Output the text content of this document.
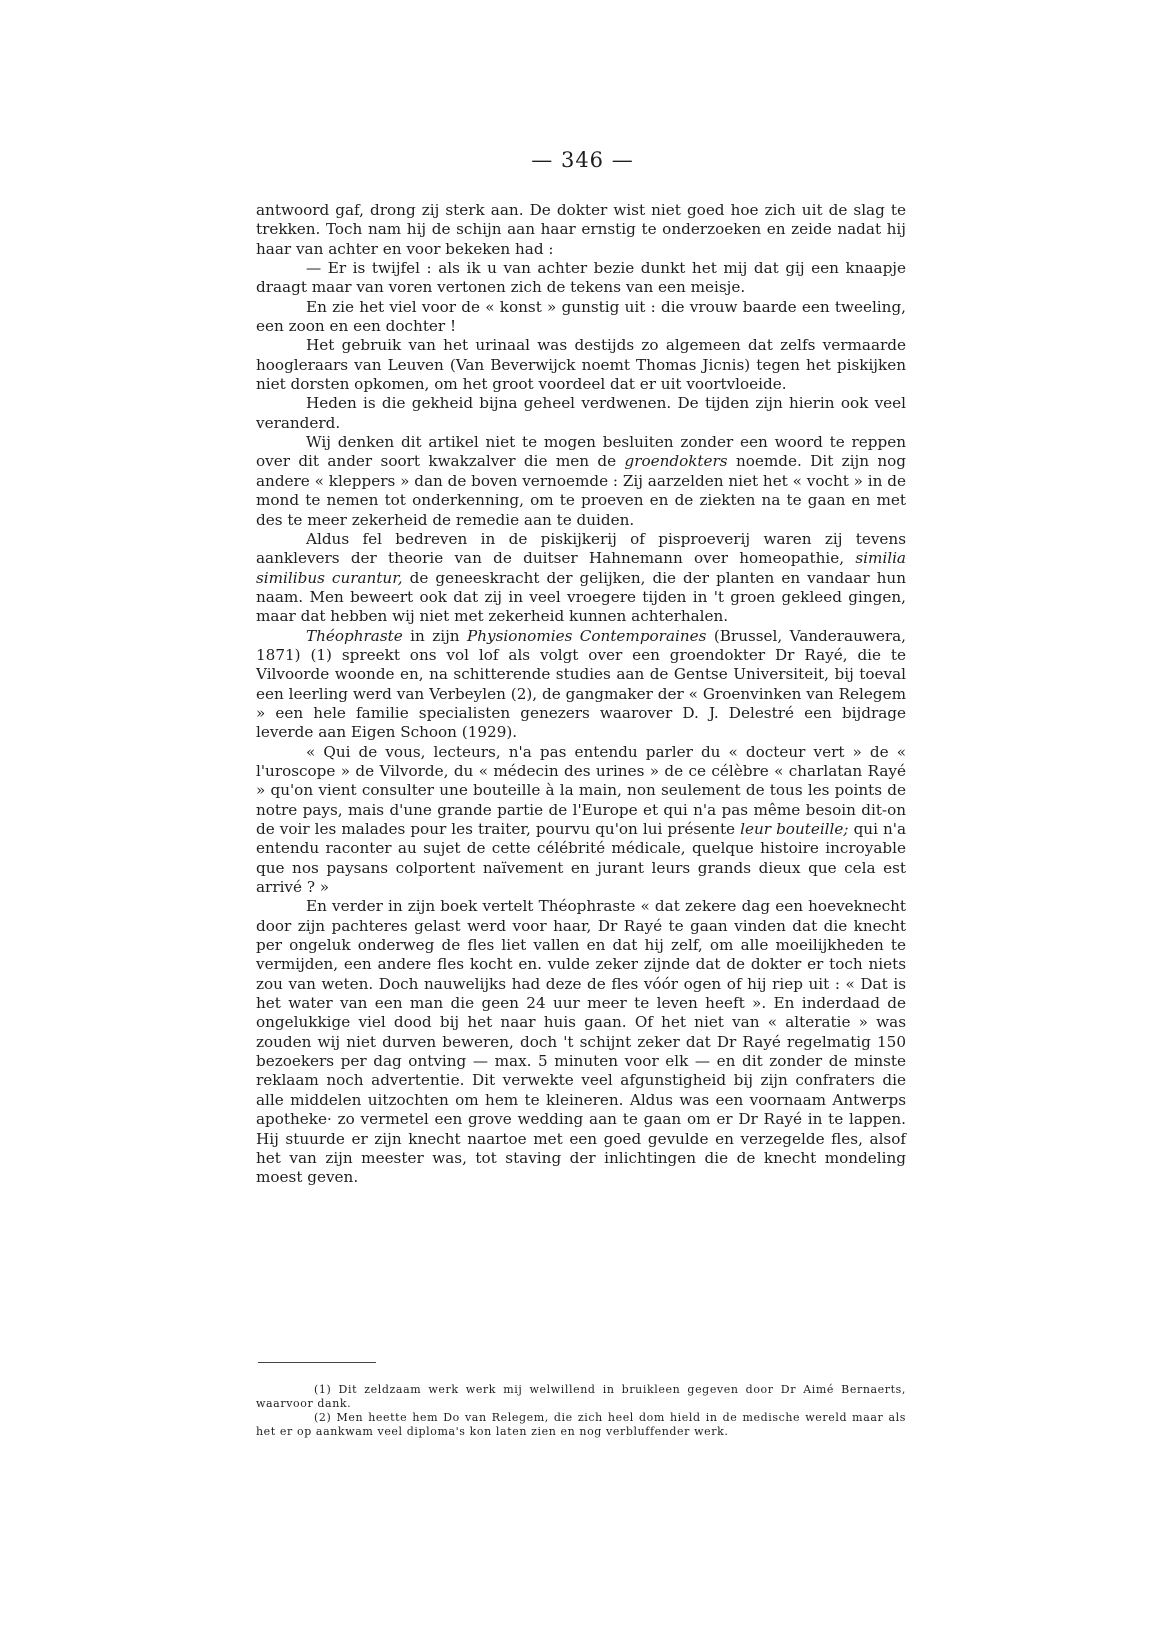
— 346 —

antwoord gaf, drong zij sterk aan. De dokter wist niet goed hoe zich uit de slag te trekken. Toch nam hij de schijn aan haar ernstig te onderzoeken en zeide nadat hij haar van achter en voor bekeken had :

— Er is twijfel : als ik u van achter bezie dunkt het mij dat gij een knaapje draagt maar van voren vertonen zich de tekens van een meisje.

En zie het viel voor de « konst » gunstig uit : die vrouw baarde een tweeling, een zoon en een dochter !

Het gebruik van het urinaal was destijds zo algemeen dat zelfs vermaarde hoogleraars van Leuven (Van Beverwijck noemt Thomas Jicnis) tegen het piskijken niet dorsten opkomen, om het groot voordeel dat er uit voortvloeide.

Heden is die gekheid bijna geheel verdwenen. De tijden zijn hierin ook veel veranderd.

Wij denken dit artikel niet te mogen besluiten zonder een woord te reppen over dit ander soort kwakzalver die men de groendokters noemde. Dit zijn nog andere « kleppers » dan de boven vernoemde : Zij aarzelden niet het « vocht » in de mond te nemen tot onderkenning, om te proeven en de ziekten na te gaan en met des te meer zekerheid de remedie aan te duiden.

Aldus fel bedreven in de piskijkerij of pisproeverij waren zij tevens aanklevers der theorie van de duitser Hahnemann over homeopathie, similia similibus curantur, de geneeskracht der gelijken, die der planten en vandaar hun naam. Men beweert ook dat zij in veel vroegere tijden in 't groen gekleed gingen, maar dat hebben wij niet met zekerheid kunnen achterhalen.

Théophraste in zijn Physionomies Contemporaines (Brussel, Vanderauwera, 1871) (1) spreekt ons vol lof als volgt over een groendokter Dr Rayé, die te Vilvoorde woonde en, na schitterende studies aan de Gentse Universiteit, bij toeval een leerling werd van Verbeylen (2), de gangmaker der « Groenvinken van Relegem » een hele familie specialisten genezers waarover D. J. Delestré een bijdrage leverde aan Eigen Schoon (1929).

« Qui de vous, lecteurs, n'a pas entendu parler du « docteur vert » de « l'uroscope » de Vilvorde, du « médecin des urines » de ce célèbre « charlatan Rayé » qu'on vient consulter une bouteille à la main, non seulement de tous les points de notre pays, mais d'une grande partie de l'Europe et qui n'a pas même besoin dit-on de voir les malades pour les traiter, pourvu qu'on lui présente leur bouteille; qui n'a entendu raconter au sujet de cette célébrité médicale, quelque histoire incroyable que nos paysans colportent naïvement en jurant leurs grands dieux que cela est arrivé ? »

En verder in zijn boek vertelt Théophraste « dat zekere dag een hoeveknecht door zijn pachteres gelast werd voor haar, Dr Rayé te gaan vinden dat die knecht per ongeluk onderweg de fles liet vallen en dat hij zelf, om alle moeilijkheden te vermijden, een andere fles kocht en. vulde zeker zijnde dat de dokter er toch niets zou van weten. Doch nauwelijks had deze de fles vóór ogen of hij riep uit : « Dat is het water van een man die geen 24 uur meer te leven heeft ». En inderdaad de ongelukkige viel dood bij het naar huis gaan. Of het niet van « alteratie » was zouden wij niet durven beweren, doch 't schijnt zeker dat Dr Rayé regelmatig 150 bezoekers per dag ontving — max. 5 minuten voor elk — en dit zonder de minste reklaam noch advertentie. Dit verwekte veel afgunstigheid bij zijn confraters die alle middelen uitzochten om hem te kleineren. Aldus was een voornaam Antwerps apotheke· zo vermetel een grove wedding aan te gaan om er Dr Rayé in te lappen. Hij stuurde er zijn knecht naartoe met een goed gevulde en verzegelde fles, alsof het van zijn meester was, tot staving der inlichtingen die de knecht mondeling moest geven.

(1) Dit zeldzaam werk werk mij welwillend in bruikleen gegeven door Dr Aimé Bernaerts, waarvoor dank.

(2) Men heette hem Do van Relegem, die zich heel dom hield in de medische wereld maar als het er op aankwam veel diploma's kon laten zien en nog verbluffender werk.
